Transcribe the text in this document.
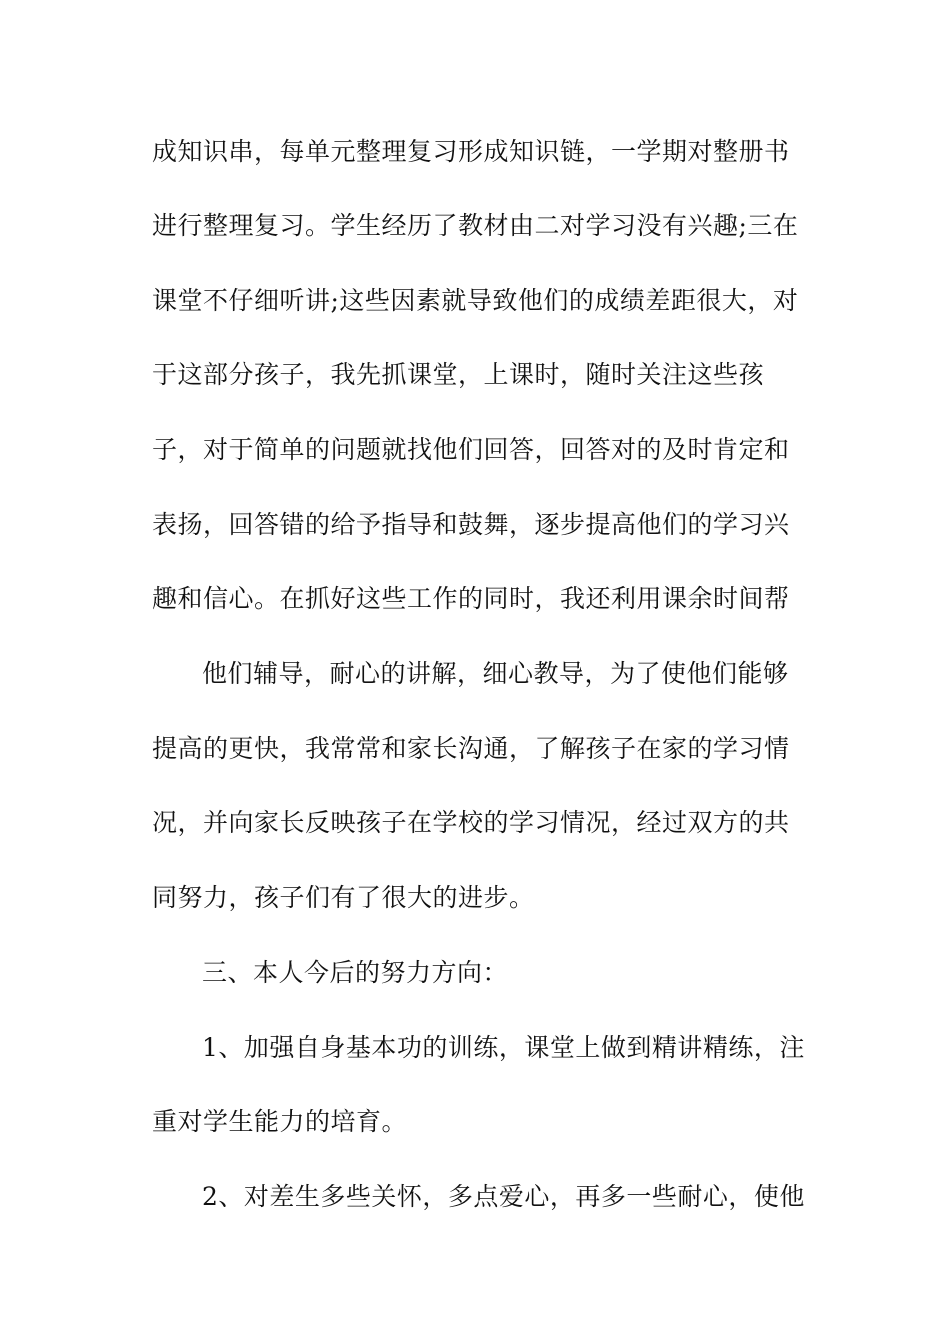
成知识串，每单元整理复习形成知识链，一学期对整册书
进行整理复习。学生经历了教材由二对学习没有兴趣;三在
课堂不仔细听讲;这些因素就导致他们的成绩差距很大，对
于这部分孩子，我先抓课堂，上课时，随时关注这些孩
子，对于简单的问题就找他们回答，回答对的及时肯定和
表扬，回答错的给予指导和鼓舞，逐步提高他们的学习兴
趣和信心。在抓好这些工作的同时，我还利用课余时间帮
他们辅导，耐心的讲解，细心教导，为了使他们能够
提高的更快，我常常和家长沟通，了解孩子在家的学习情
况，并向家长反映孩子在学校的学习情况，经过双方的共
同努力，孩子们有了很大的进步。
三、本人今后的努力方向：
1、加强自身基本功的训练，课堂上做到精讲精练，注
重对学生能力的培育。
2、对差生多些关怀，多点爱心，再多一些耐心，使他
